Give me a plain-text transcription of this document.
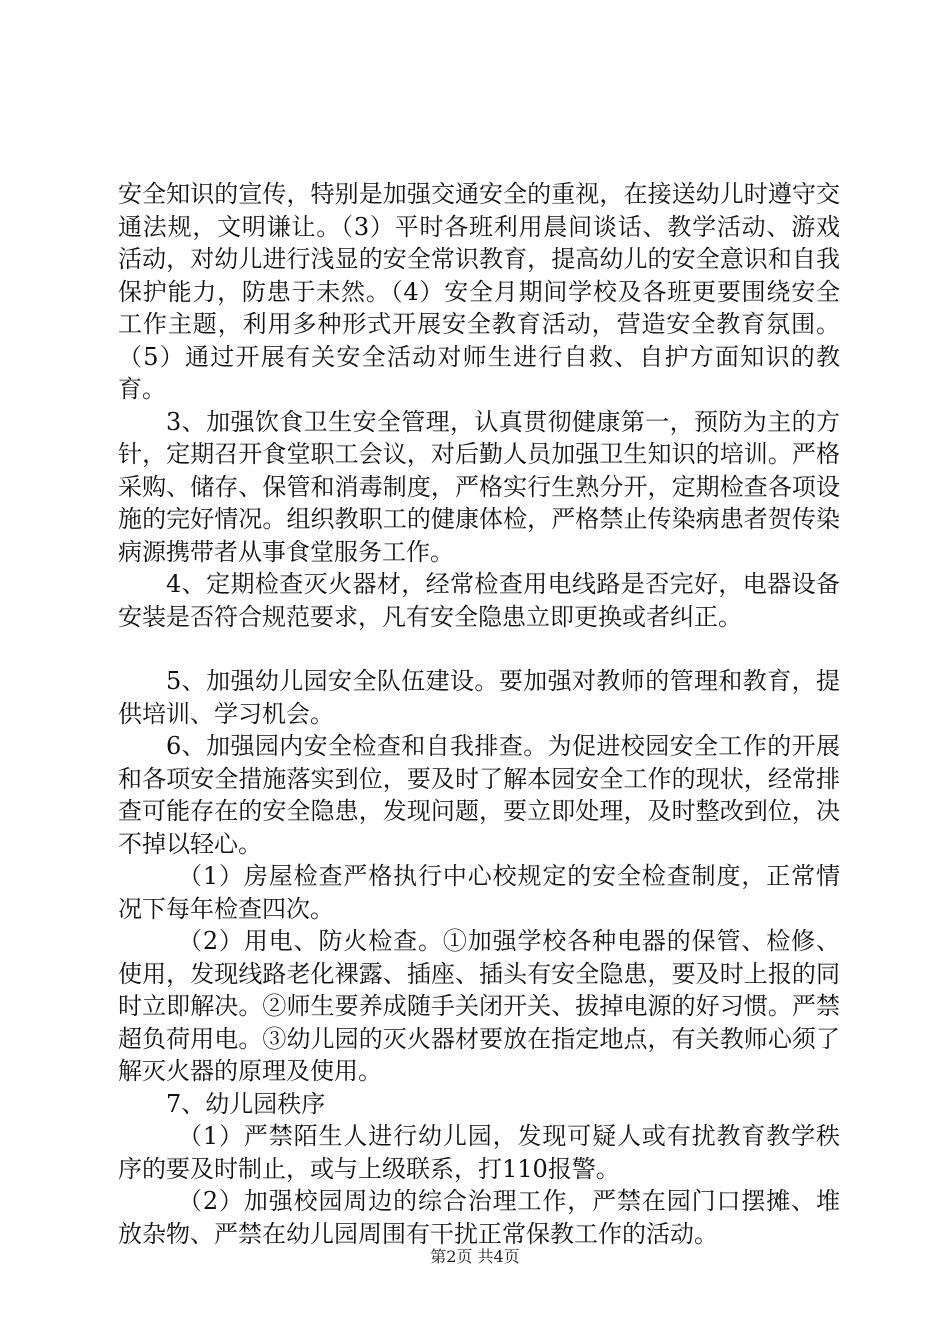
安全知识的宣传，特别是加强交通安全的重视，在接送幼儿时遵守交通法规，文明谦让。（3）平时各班利用晨间谈话、教学活动、游戏活动，对幼儿进行浅显的安全常识教育，提高幼儿的安全意识和自我保护能力，防患于未然。（4）安全月期间学校及各班更要围绕安全工作主题，利用多种形式开展安全教育活动，营造安全教育氛围。（5）通过开展有关安全活动对师生进行自救、自护方面知识的教育。

3、加强饮食卫生安全管理，认真贯彻健康第一，预防为主的方针，定期召开食堂职工会议，对后勤人员加强卫生知识的培训。严格采购、储存、保管和消毒制度，严格实行生熟分开，定期检查各项设施的完好情况。组织教职工的健康体检，严格禁止传染病患者贺传染病源携带者从事食堂服务工作。

4、定期检查灭火器材，经常检查用电线路是否完好，电器设备安装是否符合规范要求，凡有安全隐患立即更换或者纠正。

5、加强幼儿园安全队伍建设。要加强对教师的管理和教育，提供培训、学习机会。

6、加强园内安全检查和自我排查。为促进校园安全工作的开展和各项安全措施落实到位，要及时了解本园安全工作的现状，经常排查可能存在的安全隐患，发现问题，要立即处理，及时整改到位，决不掉以轻心。

（1）房屋检查严格执行中心校规定的安全检查制度，正常情况下每年检查四次。

（2）用电、防火检查。①加强学校各种电器的保管、检修、使用，发现线路老化裸露、插座、插头有安全隐患，要及时上报的同时立即解决。②师生要养成随手关闭开关、拔掉电源的好习惯。严禁超负荷用电。③幼儿园的灭火器材要放在指定地点，有关教师心须了解灭火器的原理及使用。

7、幼儿园秩序

（1）严禁陌生人进行幼儿园，发现可疑人或有扰教育教学秩序的要及时制止，或与上级联系，打110报警。

（2）加强校园周边的综合治理工作，严禁在园门口摆摊、堆放杂物、严禁在幼儿园周围有干扰正常保教工作的活动。

第2页 共4页
